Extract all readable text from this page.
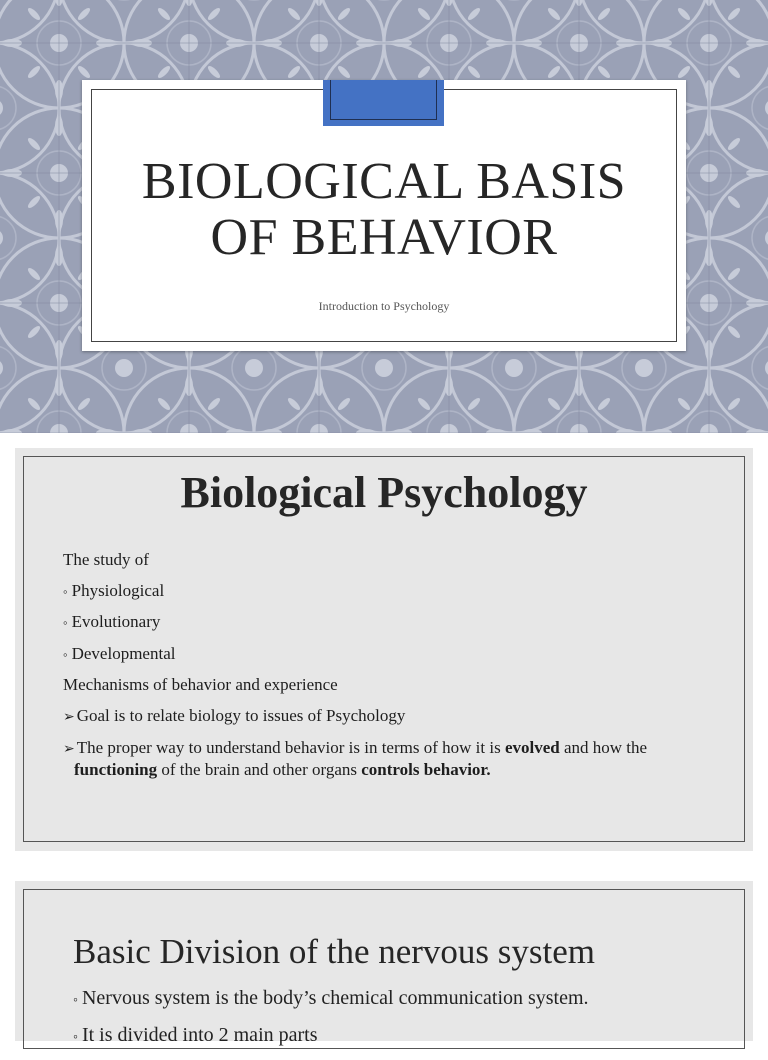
BIOLOGICAL BASIS
OF BEHAVIOR
Introduction to Psychology
Biological Psychology
The study of
◦ Physiological
◦ Evolutionary
◦ Developmental
Mechanisms of behavior and experience
➢ Goal is to relate biology to issues of Psychology
➢ The proper way to understand behavior is in terms of how it is evolved and how the
functioning of the brain and other organs controls behavior.
Basic Division of the nervous system
◦ Nervous system is the body’s chemical communication system.
◦ It is divided into 2 main parts
